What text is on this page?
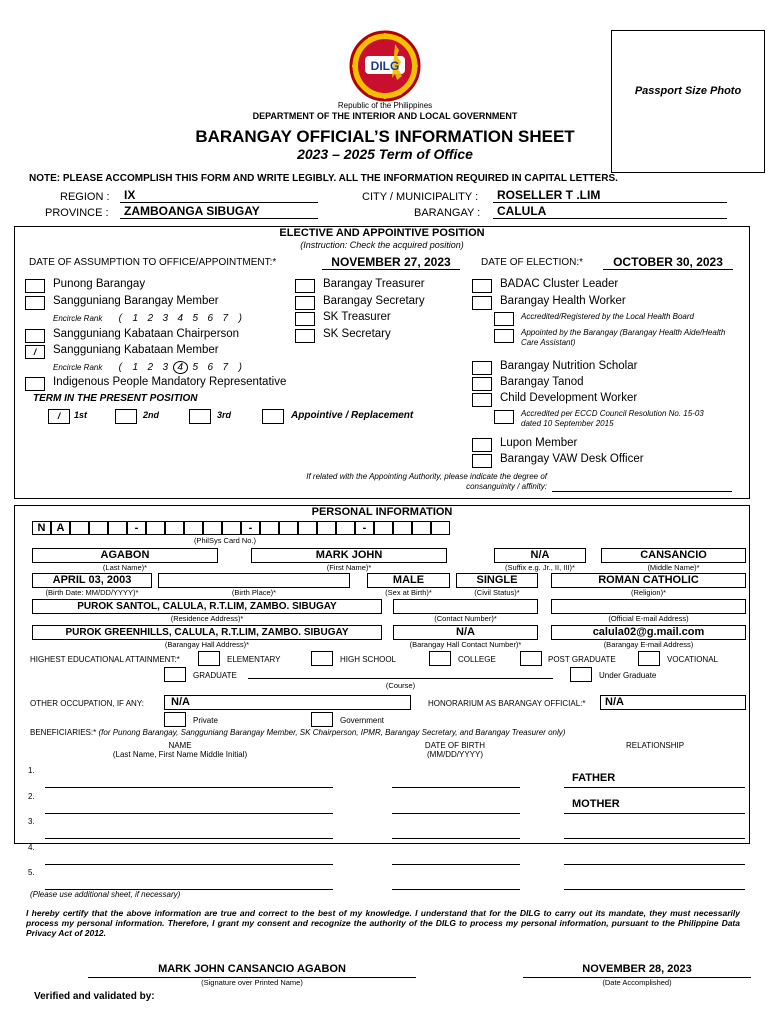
DILG
Republic of the Philippines
DEPARTMENT OF THE INTERIOR AND LOCAL GOVERNMENT
BARANGAY OFFICIAL’S INFORMATION SHEET
2023 – 2025 Term of Office
Passport Size Photo
NOTE: PLEASE ACCOMPLISH THIS FORM AND WRITE LEGIBLY. ALL THE INFORMATION REQUIRED IN CAPITAL LETTERS.
REGION :	IX
PROVINCE :	ZAMBOANGA SIBUGAY
CITY / MUNICIPALITY :	ROSELLER T .LIM
BARANGAY :	CALULA
ELECTIVE AND APPOINTIVE POSITION
(Instruction: Check the acquired position)
DATE OF ASSUMPTION TO OFFICE/APPOINTMENT:*	NOVEMBER 27, 2023	DATE OF ELECTION:*	OCTOBER 30, 2023
Punong Barangay
Sangguniang Barangay Member
Encircle Rank ( 1 2 3 4 5 6 7 )
Sangguniang Kabataan Chairperson
/	Sangguniang Kabataan Member
Encircle Rank ( 1 2 3 4 5 6 7 )
Indigenous People Mandatory Representative
TERM IN THE PRESENT POSITION
/	1st	2nd	3rd	Appointive / Replacement
Barangay Treasurer
Barangay Secretary
SK Treasurer
SK Secretary
BADAC Cluster Leader
Barangay Health Worker
Accredited/Registered by the Local Health Board
Appointed by the Barangay (Barangay Health Aide/Health Care Assistant)
Barangay Nutrition Scholar
Barangay Tanod
Child Development Worker
Accredited per ECCD Council Resolution No. 15-03 dated 10 September 2015
Lupon Member
Barangay VAW Desk Officer
If related with the Appointing Authority, please indicate the degree of consanguinity / affinity:
PERSONAL INFORMATION
N	A	-	-	-
(PhilSys Card No.)
AGABON
(Last Name)*
MARK JOHN
(First Name)*
N/A
(Suffix e.g. Jr., II, III)*
CANSANCIO
(Middle Name)*
APRIL 03, 2003
(Birth Date: MM/DD/YYYY)*	(Birth Place)*
MALE
(Sex at Birth)*
SINGLE
(Civil Status)*
ROMAN CATHOLIC
(Religion)*
PUROK SANTOL, CALULA, R.T.LIM, ZAMBO. SIBUGAY
(Residence Address)*	(Contact Number)*	(Official E-mail Address)
PUROK GREENHILLS, CALULA, R.T.LIM, ZAMBO. SIBUGAY
(Barangay Hall Address)*
N/A
(Barangay Hall Contact Number)*
calula02@g.mail.com
(Barangay E-mail Address)
HIGHEST EDUCATIONAL ATTAINMENT:*	ELEMENTARY	HIGH SCHOOL	COLLEGE	POST GRADUATE	VOCATIONAL
GRADUATE
(Course)
Under Graduate
OTHER OCCUPATION, IF ANY:	N/A	HONORARIUM AS BARANGAY OFFICIAL:*	N/A
Private	Government
BENEFICIARIES:* (for Punong Barangay, Sangguniang Barangay Member, SK Chairperson, IPMR, Barangay Secretary, and Barangay Treasurer only)
NAME
(Last Name, First Name Middle Initial)
DATE OF BIRTH
(MM/DD/YYYY)
RELATIONSHIP
1.
FATHER
2.
MOTHER
3.
4.
5.
(Please use additional sheet, if necessary)
I hereby certify that the above information are true and correct to the best of my knowledge. I understand that for the DILG to carry out its mandate, they must necessarily process my personal information. Therefore, I grant my consent and recognize the authority of the DILG to process my personal information, pursuant to the Philippine Data Privacy Act of 2012.
MARK JOHN CANSANCIO AGABON
(Signature over Printed Name)
NOVEMBER 28, 2023
(Date Accomplished)
Verified and validated by:
